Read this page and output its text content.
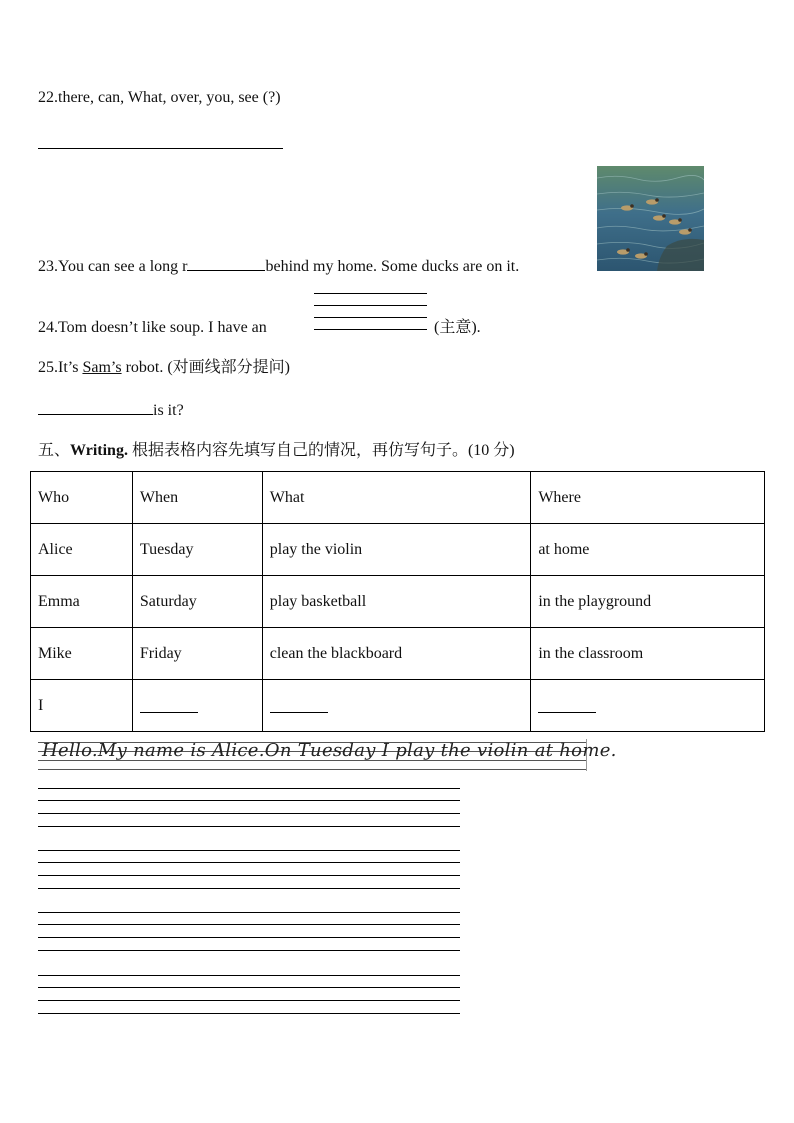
22.there, can, What, over, you, see (?)
23.You can see a long r	behind my home. Some ducks are on it.
24.Tom doesn’t like soup. I have an	(主意).
25.It’s Sam’s robot. (对画线部分提问)
is it?
五、Writing. 根据表格内容先填写自己的情况，再仿写句子。(10 分)
Who	When	What	Where
Alice	Tuesday	play the violin	at home
Emma	Saturday	play basketball	in the playground
Mike	Friday	clean the blackboard	in the classroom
I			
Hello.My name is Alice.On Tuesday I play the violin at home.
